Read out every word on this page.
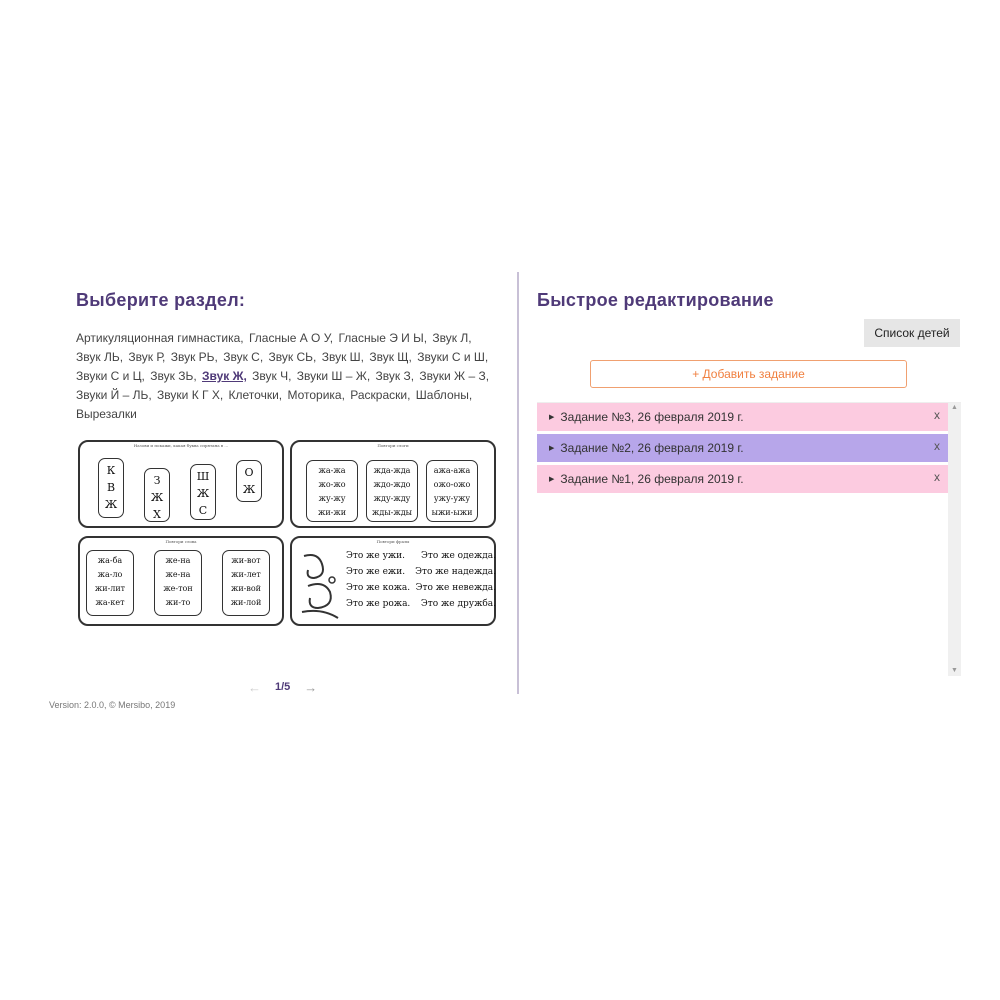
Выберите раздел:
Артикуляционная гимнастика, Гласные А О У, Гласные Э И Ы, Звук Л, Звук ЛЬ, Звук Р, Звук РЬ, Звук С, Звук СЬ, Звук Ш, Звук Щ, Звуки С и Ш, Звуки С и Ц, Звук ЗЬ, Звук Ж, Звук Ч, Звуки Ш – Ж, Звук З, Звуки Ж – З, Звуки Й – ЛЬ, Звуки К Г Х, Клеточки, Моторика, Раскраски, Шаблоны, Вырезалки
Назови и покажи, какая буква спрятана в ...
К
В
Ж
З
Ж
Х
Ш
Ж
С
О
Ж
Повтори слоги
жа-жа
жо-жо
жу-жу
жи-жи
жда-жда
ждо-ждо
жду-жду
жды-жды
ажа-ажа
ожо-ожо
ужу-ужу
ыжи-ыжи
Повтори слова
жа-ба
жа-ло
жи-лит
жа-кет
же-на
же-на
же-тон
жи-то
жи-вот
жи-лет
жи-вой
жи-лой
Повтори фразы
Это же ужи. Это же одежда.
Это же ежи. Это же надежда.
Это же кожа. Это же невежда.
Это же рожа. Это же дружба.
← 1/5 →
Version: 2.0.0, © Mersibo, 2019
Быстрое редактирование
Список детей
+ Добавить задание
▲
▼
▶ Задание №3, 26 февраля 2019 г.	x
▶ Задание №2, 26 февраля 2019 г.	x
▶ Задание №1, 26 февраля 2019 г.	x
